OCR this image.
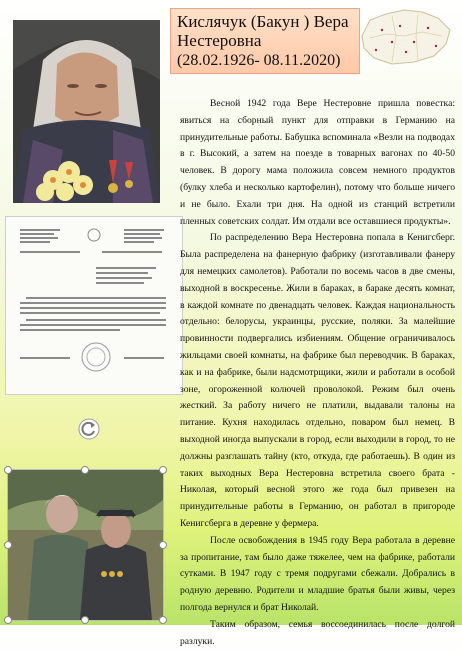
Кислячук (Бакун ) Вера Нестеровна
(28.02.1926- 08.11.2020)

Весной 1942 года Вере Нестеровне пришла повестка: явиться на сборный пункт для отправки в Германию на принудительные работы. Бабушка вспоминала «Везли на подводах в г. Высокий, а затем на поезде в товарных вагонах по 40-50 человек. В дорогу мама положила совсем немного продуктов (булку хлеба и несколько картофелин), потому что больше ничего и не было. Ехали три дня. На одной из станций встретили пленных советских солдат. Им отдали все оставшиеся продукты».

По распределению Вера Нестеровна попала в Кенигсберг. Была распределена на фанерную фабрику (изготавливали фанеру для немецких самолетов). Работали по восемь часов в две смены, выходной в воскресенье. Жили в бараках, в бараке десять комнат, в каждой комнате по двенадцать человек. Каждая национальность отдельно: белорусы, украинцы, русские, поляки. За малейшие провинности подвергались избиениям. Общение ограничивалось жильцами своей комнаты, на фабрике был переводчик. В бараках, как и на фабрике, были надсмотрщики, жили и работали в особой зоне, огороженной колючей проволокой. Режим был очень жесткий. За работу ничего не платили, выдавали талоны на питание. Кухня находилась отдельно, поваром был немец. В выходной иногда выпускали в город, если выходили в город, то не должны разглашать тайну (кто, откуда, где работаешь). В один из таких выходных Вера Нестеровна встретила своего брата - Николая, который весной этого же года был привезен на принудительные работы в Германию, он работал в пригороде Кенигсберга в деревне у фермера.

После освобождения в 1945 году Вера работала в деревне за пропитание, там было даже тяжелее, чем на фабрике, работали сутками. В 1947 году с тремя подругами сбежали. Добрались в родную деревню. Родители и младшие братья были живы, через полгода вернулся и брат Николай.

Таким образом, семья воссоединилась после долгой разлуки.
